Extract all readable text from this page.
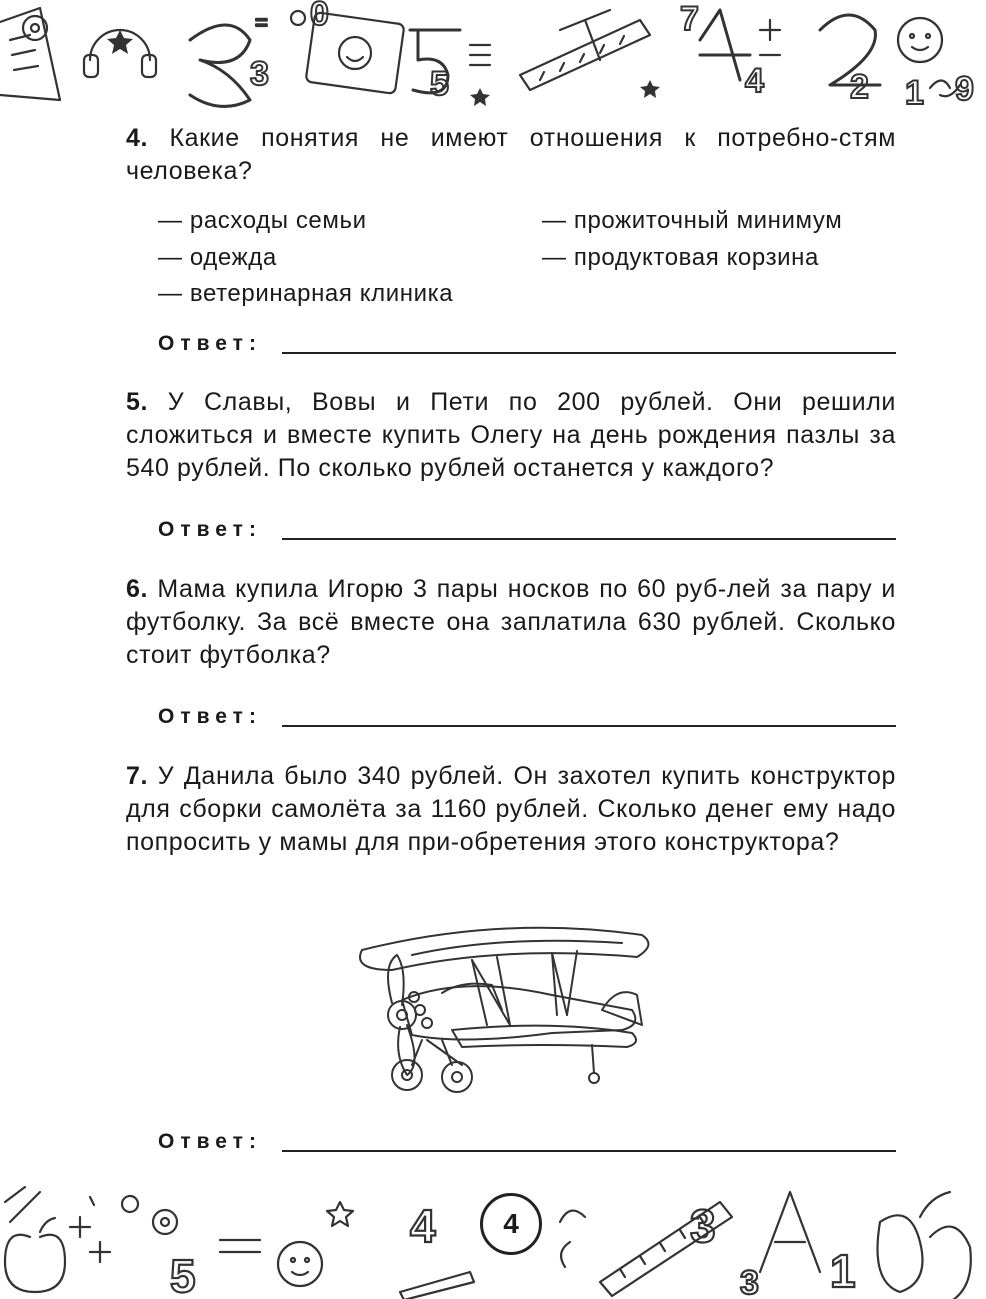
=
3	5
7
4	2 1 9
0
4. Какие понятия не имеют отношения к потребно-стям человека?
— расходы семьи
— одежда
— ветеринарная клиника
— прожиточный минимум
— продуктовая корзина
Ответ:
5. У Славы, Вовы и Пети по 200 рублей. Они решили сложиться и вместе купить Олегу на день рождения пазлы за 540 рублей. По сколько рублей останется у каждого?
Ответ:
6. Мама купила Игорю 3 пары носков по 60 руб-лей за пару и футболку. За всё вместе она заплатила 630 рублей. Сколько стоит футболка?
Ответ:
7. У Данила было 340 рублей. Он захотел купить конструктор для сборки самолёта за 1160 рублей. Сколько денег ему надо попросить у мамы для при-обретения этого конструктора?
Ответ:
5
4	3
1
3
4
